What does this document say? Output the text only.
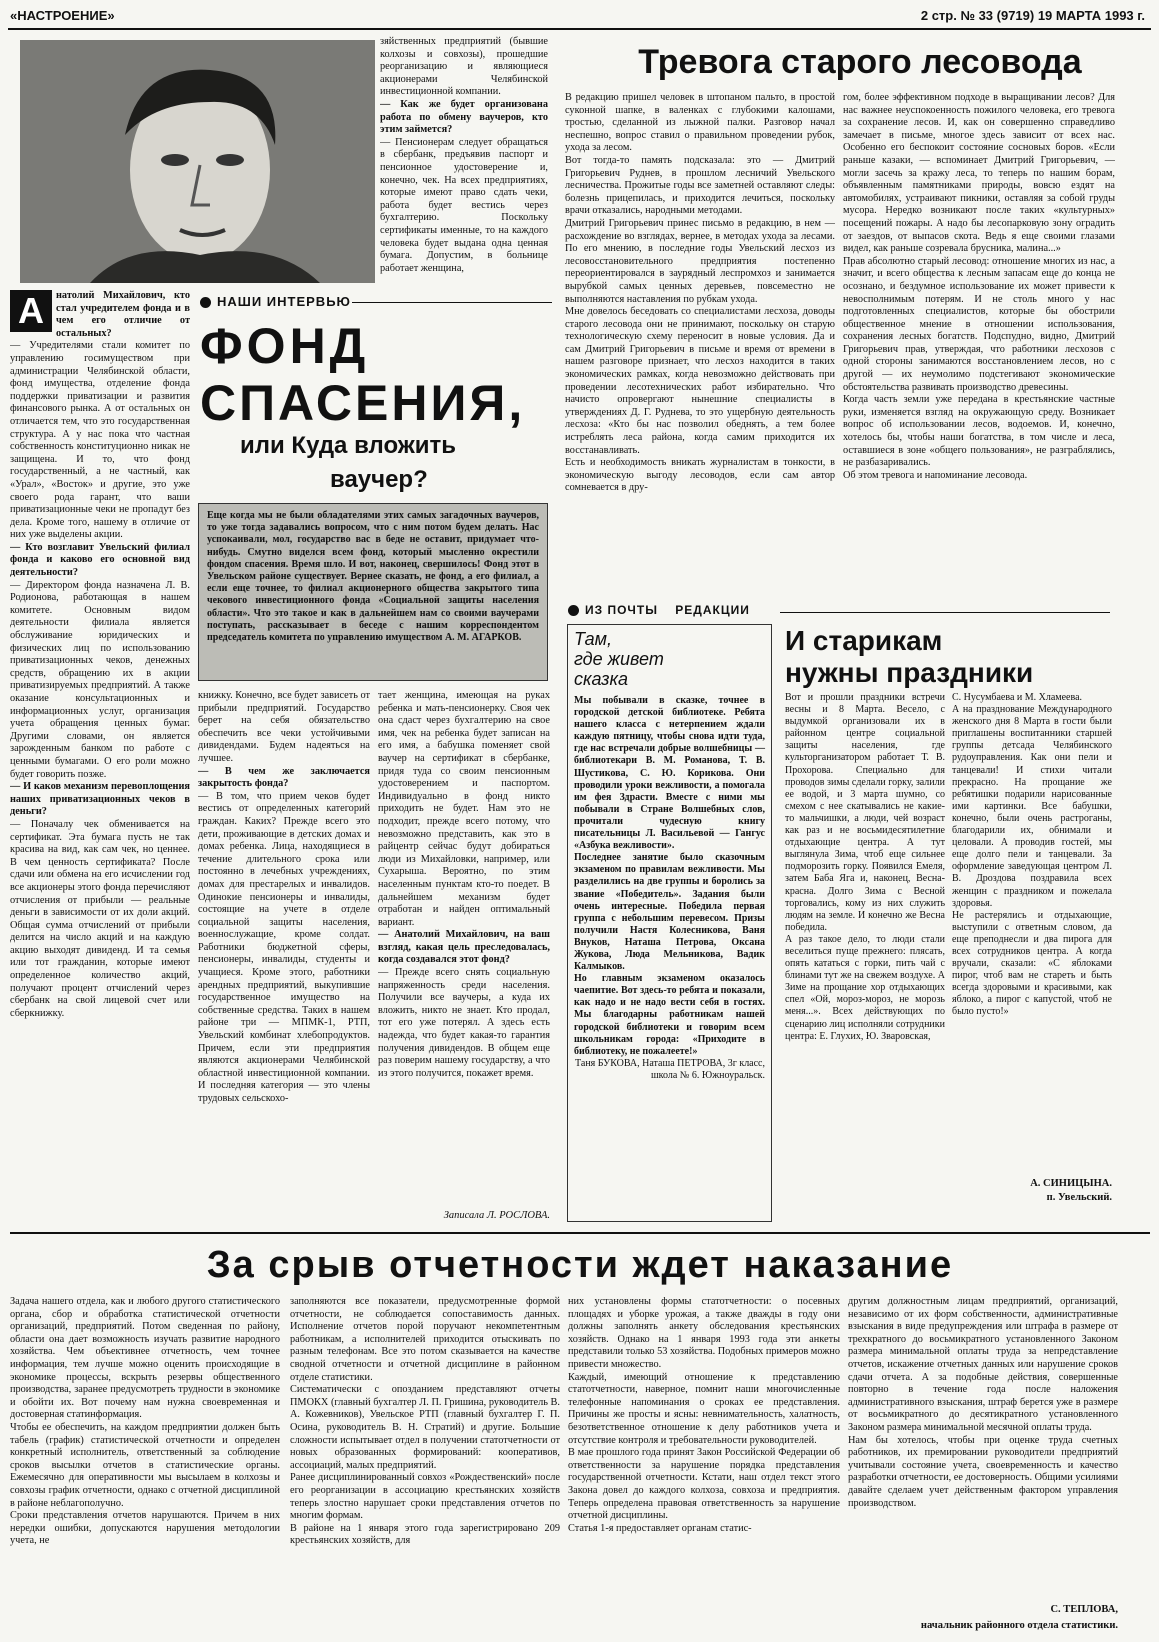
«НАСТРОЕНИЕ»	2 стр. № 33 (9719) 19 МАРТА 1993 г.
А	натолий Михайлович, кто стал учредителем фонда и в чем его отличие от остальных?
— Учредителями стали комитет по управлению госимуществом при администрации Челябинской области, фонд имущества, отделение фонда поддержки приватизации и развития финансового рынка. А от остальных он отличается тем, что это государственная структура. А у нас пока что частная собственность конституционно никак не защищена. И то, что фонд государственный, а не частный, как «Урал», «Восток» и другие, это уже своего рода гарант, что ваши приватизационные чеки не пропадут без дела. Кроме того, нашему в отличие от них уже выделены акции.
— Кто возглавит Увельский филиал фонда и каково его основной вид деятельности?
— Директором фонда назначена Л. В. Родионова, работающая в нашем комитете. Основным видом деятельности филиала является обслуживание юридических и физических лиц по использованию приватизационных чеков, денежных средств, обращению их в акции приватизируемых предприятий. А также оказание консультационных и информационных услуг, организация учета обращения ценных бумаг. Другими словами, он является зарожденным банком по работе с ценными бумагами. О его роли можно будет говорить позже.
— И каков механизм перевоплощения наших приватизационных чеков в деньги?
— Поначалу чек обменивается на сертификат. Эта бумага пусть не так красива на вид, как сам чек, но ценнее. В чем ценность сертификата? После сдачи или обмена на его исчислении год все акционеры этого фонда перечисляют отчисления от прибыли — реальные деньги в зависимости от их доли акций. Общая сумма отчислений от прибыли делится на число акций и на каждую акцию выходят дивиденд. И та семья или тот гражданин, которые имеют определенное количество акций, получают процент отчислений через сбербанк на свой лицевой счет или сберкнижку.
зяйственных предприятий (бывшие колхозы и совхозы), прошедшие реорганизацию и являющиеся акционерами Челябинской инвестиционной компании.
— Как же будет организована работа по обмену ваучеров, кто этим займется?
— Пенсионерам следует обращаться в сбербанк, предъявив паспорт и пенсионное удостоверение и, конечно, чек. На всех предприятиях, которые имеют право сдать чеки, работа будет вестись через бухгалтерию. Поскольку сертификаты именные, то на каждого человека будет выдана одна ценная бумага. Допустим, в больнице работает женщина,
НАШИ ИНТЕРВЬЮ
ФОНД
СПАСЕНИЯ,
или Куда вложить
ваучер?
Еще когда мы не были обладателями этих самых загадочных ваучеров, то уже тогда задавались вопросом, что с ним потом будем делать. Нас успокаивали, мол, государство вас в беде не оставит, придумает что-нибудь. Смутно виделся всем фонд, который мысленно окрестили фондом спасения. Время шло. И вот, наконец, свершилось! Фонд этот в Увельском районе существует. Вернее сказать, не фонд, а его филиал, а если еще точнее, то филиал акционерного общества закрытого типа чекового инвестиционного фонда «Социальной защиты населения области». Что это такое и как в дальнейшем нам со своими ваучерами поступать, рассказывает в беседе с нашим корреспондентом председатель комитета по управлению имуществом А. М. АГАРКОВ.
книжку. Конечно, все будет зависеть от прибыли предприятий. Государство берет на себя обязательство обеспечить все чеки устойчивыми дивидендами. Будем надеяться на лучшее.
— В чем же заключается закрытость фонда?
— В том, что прием чеков будет вестись от определенных категорий граждан. Каких? Прежде всего это дети, проживающие в детских домах и домах ребенка. Лица, находящиеся в течение длительного срока или постоянно в лечебных учреждениях, домах для престарелых и инвалидов. Одинокие пенсионеры и инвалиды, состоящие на учете в отделе социальной защиты населения, военнослужащие, кроме солдат. Работники бюджетной сферы, пенсионеры, инвалиды, студенты и учащиеся. Кроме этого, работники арендных предприятий, выкупившие государственное имущество на собственные средства. Таких в нашем районе три — МПМК-1, РТП, Увельский комбинат хлебопродуктов. Причем, если эти предприятия являются акционерами Челябинской областной инвестиционной компании. И последняя категория — это члены трудовых сельскохо-
тает женщина, имеющая на руках ребенка и мать-пенсионерку. Своя чек она сдаст через бухгалтерию на свое имя, чек на ребенка будет записан на его имя, а бабушка поменяет свой ваучер на сертификат в сбербанке, придя туда со своим пенсионным удостоверением и паспортом. Индивидуально в фонд никто приходить не будет. Нам это не подходит, прежде всего потому, что невозможно представить, как это в райцентр сейчас будут добираться люди из Михайловки, например, или Сухарыша. Вероятно, по этим населенным пунктам кто-то поедет. В дальнейшем механизм будет отработан и найден оптимальный вариант.
— Анатолий Михайлович, на ваш взгляд, какая цель преследовалась, когда создавался этот фонд?
— Прежде всего снять социальную напряженность среди населения. Получили все ваучеры, а куда их вложить, никто не знает. Кто продал, тот его уже потерял. А здесь есть надежда, что будет какая-то гарантия получения дивидендов. В общем еще раз поверим нашему государству, а что из этого получится, покажет время.
Записала Л. РОСЛОВА.
Тревога старого лесовода
В редакцию пришел человек в штопаном пальто, в простой суконной шапке, в валенках с глубокими калошами, тростью, сделанной из лыжной палки. Разговор начал неспешно, вопрос ставил о правильном проведении рубок, ухода за лесом.
Вот тогда-то память подсказала: это — Дмитрий Григорьевич Руднев, в прошлом лесничий Увельского лесничества. Прожитые годы все заметней оставляют следы: болезнь прицепилась, и приходится лечиться, поскольку врачи отказались, народными методами.
Дмитрий Григорьевич принес письмо в редакцию, в нем — расхождение во взглядах, вернее, в методах ухода за лесами. По его мнению, в последние годы Увельский лесхоз из лесовосстановительного предприятия постепенно переориентировался в заурядный леспромхоз и занимается вырубкой самых ценных деревьев, повсеместно не выполняются наставления по рубкам ухода.
Мне довелось беседовать со специалистами лесхоза, доводы старого лесовода они не принимают, поскольку он старую технологическую схему переносит в новые условия. Да и сам Дмитрий Григорьевич в письме и время от времени в нашем разговоре признает, что лесхоз находится в таких экономических рамках, когда невозможно действовать при проведении лесотехнических работ избирательно. Что начисто опровергают нынешние специалисты в утверждениях Д. Г. Руднева, то это ущербную деятельность лесхоза: «Кто бы нас позволил обеднять, а тем более истреблять леса района, когда самим приходится их восстанавливать.
Есть и необходимость вникать журналистам в тонкости, в экономическую выгоду лесоводов, если сам автор сомневается в дру-
гом, более эффективном подходе в выращивании лесов? Для нас важнее неуспокоенность пожилого человека, его тревога за сохранение лесов. И, как он совершенно справедливо замечает в письме, многое здесь зависит от всех нас. Особенно его беспокоит состояние сосновых боров. «Если раньше казаки, — вспоминает Дмитрий Григорьевич, — могли засечь за кражу леса, то теперь по нашим борам, объявленным памятниками природы, вовсю ездят на автомобилях, устраивают пикники, оставляя за собой груды мусора. Нередко возникают после таких «культурных» посещений пожары. А надо бы лесопарковую зону оградить от заездов, от выпасов скота. Ведь я еще своими глазами видел, как раньше созревала брусника, малина...»
Прав абсолютно старый лесовод: отношение многих из нас, а значит, и всего общества к лесным запасам еще до конца не осознано, и бездумное использование их может привести к невосполнимым потерям. И не столь много у нас подготовленных специалистов, которые бы обострили общественное мнение в отношении использования, сохранения лесных богатств. Подспудно, видно, Дмитрий Григорьевич прав, утверждая, что работники лесхозов с одной стороны занимаются восстановлением лесов, но с другой — их неумолимо подстегивают экономические обстоятельства развивать производство древесины.
Когда часть земли уже передана в крестьянские частные руки, изменяется взгляд на окружающую среду. Возникает вопрос об использовании лесов, водоемов. И, конечно, хотелось бы, чтобы наши богатства, в том числе и леса, оставшиеся в зоне «общего пользования», не разграблялись, не разбазаривались.
Об этом тревога и напоминание лесовода.
ИЗ ПОЧТЫ РЕДАКЦИИ
Там,
где живет
сказка
Мы побывали в сказке, точнее в городской детской библиотеке. Ребята нашего класса с нетерпением ждали каждую пятницу, чтобы снова идти туда, где нас встречали добрые волшебницы — библиотекари В. М. Романова, Т. В. Шустикова, С. Ю. Корикова. Они проводили уроки вежливости, а помогала им фея Здрасти. Вместе с ними мы побывали в Стране Волшебных слов, прочитали чудесную книгу писательницы Л. Васильевой — Гангус «Азбука вежливости».
Последнее занятие было сказочным экзаменом по правилам вежливости. Мы разделились на две группы и боролись за звание «Победитель». Задания были очень интересные. Победила первая группа с небольшим перевесом. Призы получили Настя Колесникова, Ваня Внуков, Наташа Петрова, Оксана Жукова, Люда Мельникова, Вадик Калмыков.
Но главным экзаменом оказалось чаепитие. Вот здесь-то ребята и показали, как надо и не надо вести себя в гостях. Мы благодарны работникам нашей городской библиотеки и говорим всем школьникам города: «Приходите в библиотеку, не пожалеете!»
Таня БУКОВА, Наташа ПЕТРОВА, 3г класс, школа № 6. Южноуральск.
И старикам
нужны праздники
Вот и прошли праздники встречи весны и 8 Марта. Весело, с выдумкой организовали их в районном центре социальной защиты населения, где культорганизатором работает Т. В. Прохорова. Специально для проводов зимы сделали горку, залили ее водой, и 3 марта шумно, со смехом с нее скатывались не какие-то мальчишки, а люди, чей возраст как раз и не восьмидесятилетние отдыхающие центра. А тут выглянула Зима, чтоб еще сильнее подморозить горку. Появился Емеля, затем Баба Яга и, наконец, Весна-красна. Долго Зима с Весной торговались, кому из них служить людям на земле. И конечно же Весна победила.
А раз такое дело, то люди стали веселиться пуще прежнего: плясать, опять кататься с горки, пить чай с блинами тут же на свежем воздухе. А Зиме на прощание хор отдыхающих спел «Ой, мороз-мороз, не морозь меня...». Всех действующих по сценарию лиц исполняли сотрудники центра: Е. Глухих, Ю. Зваровская,
С. Нусумбаева и М. Хламеева.
А на празднование Международного женского дня 8 Марта в гости были приглашены воспитанники старшей группы детсада Челябинского рудоуправления. Как они пели и танцевали! И стихи читали прекрасно. На прощание же ребятишки подарили нарисованные ими картинки. Все бабушки, конечно, были очень растроганы, благодарили их, обнимали и целовали. А проводив гостей, мы еще долго пели и танцевали. За оформление заведующая центром Л. В. Дроздова поздравила всех женщин с праздником и пожелала здоровья.
Не растерялись и отдыхающие, выступили с ответным словом, да еще преподнесли и два пирога для всех сотрудников центра. А когда вручали, сказали: «С яблоками пирог, чтоб вам не стареть и быть всегда здоровыми и красивыми, как яблоко, а пирог с капустой, чтоб не было пусто!»
А. СИНИЦЫНА.
п. Увельский.
За срыв отчетности ждет наказание
Задача нашего отдела, как и любого другого статистического органа, сбор и обработка статистической отчетности организаций, предприятий. Потом сведенная по району, области она дает возможность изучать развитие народного хозяйства. Чем объективнее отчетность, чем точнее информация, тем лучше можно оценить происходящие в экономике процессы, вскрыть резервы общественного производства, заранее предусмотреть трудности в экономике и обойти их. Вот почему нам нужна своевременная и достоверная статинформация.
Чтобы ее обеспечить, на каждом предприятии должен быть табель (график) статистической отчетности и определен конкретный исполнитель, ответственный за соблюдение сроков высылки отчетов в статистические органы. Ежемесячно для оперативности мы высылаем в колхозы и совхозы график отчетности, однако с отчетной дисциплиной в районе неблагополучно.
Сроки представления отчетов нарушаются. Причем в них нередки ошибки, допускаются нарушения методологии учета, не
заполняются все показатели, предусмотренные формой отчетности, не соблюдается сопоставимость данных. Исполнение отчетов порой поручают некомпетентным работникам, а исполнителей приходится отыскивать по разным телефонам. Все это потом сказывается на качестве сводной отчетности и отчетной дисциплине в районном отделе статистики.
Систематически с опозданием представляют отчеты ПМОКХ (главный бухгалтер Л. П. Гришина, руководитель В. А. Кожевников), Увельское РТП (главный бухгалтер Г. П. Осина, руководитель В. Н. Стратий) и другие. Большие сложности испытывает отдел в получении статотчетности от новых образованных формирований: кооперативов, ассоциаций, малых предприятий.
Ранее дисциплинированный совхоз «Рождественский» после его реорганизации в ассоциацию крестьянских хозяйств теперь злостно нарушает сроки представления отчетов по многим формам.
В районе на 1 января этого года зарегистрировано 209 крестьянских хозяйств, для
них установлены формы статотчетности: о посевных площадях и уборке урожая, а также дважды в году они должны заполнять анкету обследования крестьянских хозяйств. Однако на 1 января 1993 года эти анкеты представили только 53 хозяйства. Подобных примеров можно привести множество.
Каждый, имеющий отношение к представлению статотчетности, наверное, помнит наши многочисленные телефонные напоминания о сроках ее представления. Причины же просты и ясны: невнимательность, халатность, безответственное отношение к делу работников учета и отсутствие контроля и требовательности руководителей.
В мае прошлого года принят Закон Российской Федерации об ответственности за нарушение порядка представления государственной отчетности. Кстати, наш отдел текст этого Закона довел до каждого колхоза, совхоза и предприятия. Теперь определена правовая ответственность за нарушение отчетной дисциплины.
Статья 1-я предоставляет органам статис-
другим должностным лицам предприятий, организаций, независимо от их форм собственности, административные взыскания в виде предупреждения или штрафа в размере от трехкратного до восьмикратного установленного Законом размера минимальной оплаты труда за непредставление отчетов, искажение отчетных данных или нарушение сроков сдачи отчета. А за подобные действия, совершенные повторно в течение года после наложения административного взыскания, штраф берется уже в размере от восьмикратного до десятикратного установленного Законом размера минимальной месячной оплаты труда.
Нам бы хотелось, чтобы при оценке труда счетных работников, их премировании руководители предприятий учитывали состояние учета, своевременность и качество разработки отчетности, ее достоверность. Общими усилиями давайте сделаем учет действенным фактором управления производством.
С. ТЕПЛОВА,
начальник районного отдела статистики.
